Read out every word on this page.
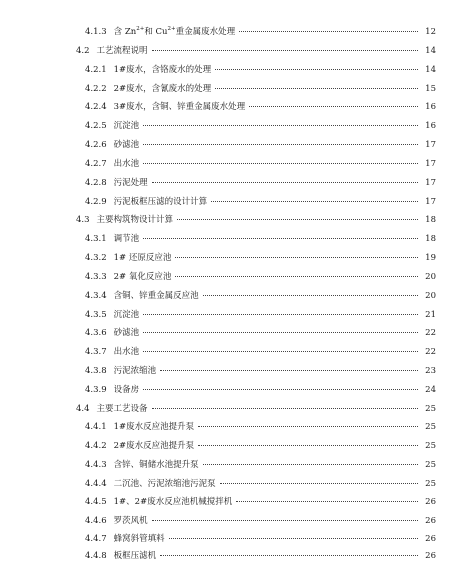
4.1.3 含 $Zn^{2+}$和 $Cu^{2+}$重金属废水处理	12
4.2 工艺流程说明	14
4.2.1 1#废水，含铬废水的处理	14
4.2.2 2#废水，含氰废水的处理	15
4.2.4 3#废水，含铜、锌重金属废水处理	16
4.2.5 沉淀池	16
4.2.6 砂滤池	17
4.2.7 出水池	17
4.2.8 污泥处理	17
4.2.9 污泥板框压滤的设计计算	17
4.3 主要构筑物设计计算	18
4.3.1 调节池	18
4.3.2 1# 还原反应池	19
4.3.3 2# 氧化反应池	20
4.3.4 含铜、锌重金属反应池	20
4.3.5 沉淀池	21
4.3.6 砂滤池	22
4.3.7 出水池	22
4.3.8 污泥浓缩池	23
4.3.9 设备房	24
4.4 主要工艺设备	25
4.4.1 1#废水反应池提升泵	25
4.4.2 2#废水反应池提升泵	25
4.4.3 含锌、铜储水池提升泵	25
4.4.4 二沉池、污泥浓缩池污泥泵	25
4.4.5 1#、2#废水反应池机械搅拌机	26
4.4.6 罗茨风机	26
4.4.7 蜂窝斜管填料	26
4.4.8 板框压滤机	26
